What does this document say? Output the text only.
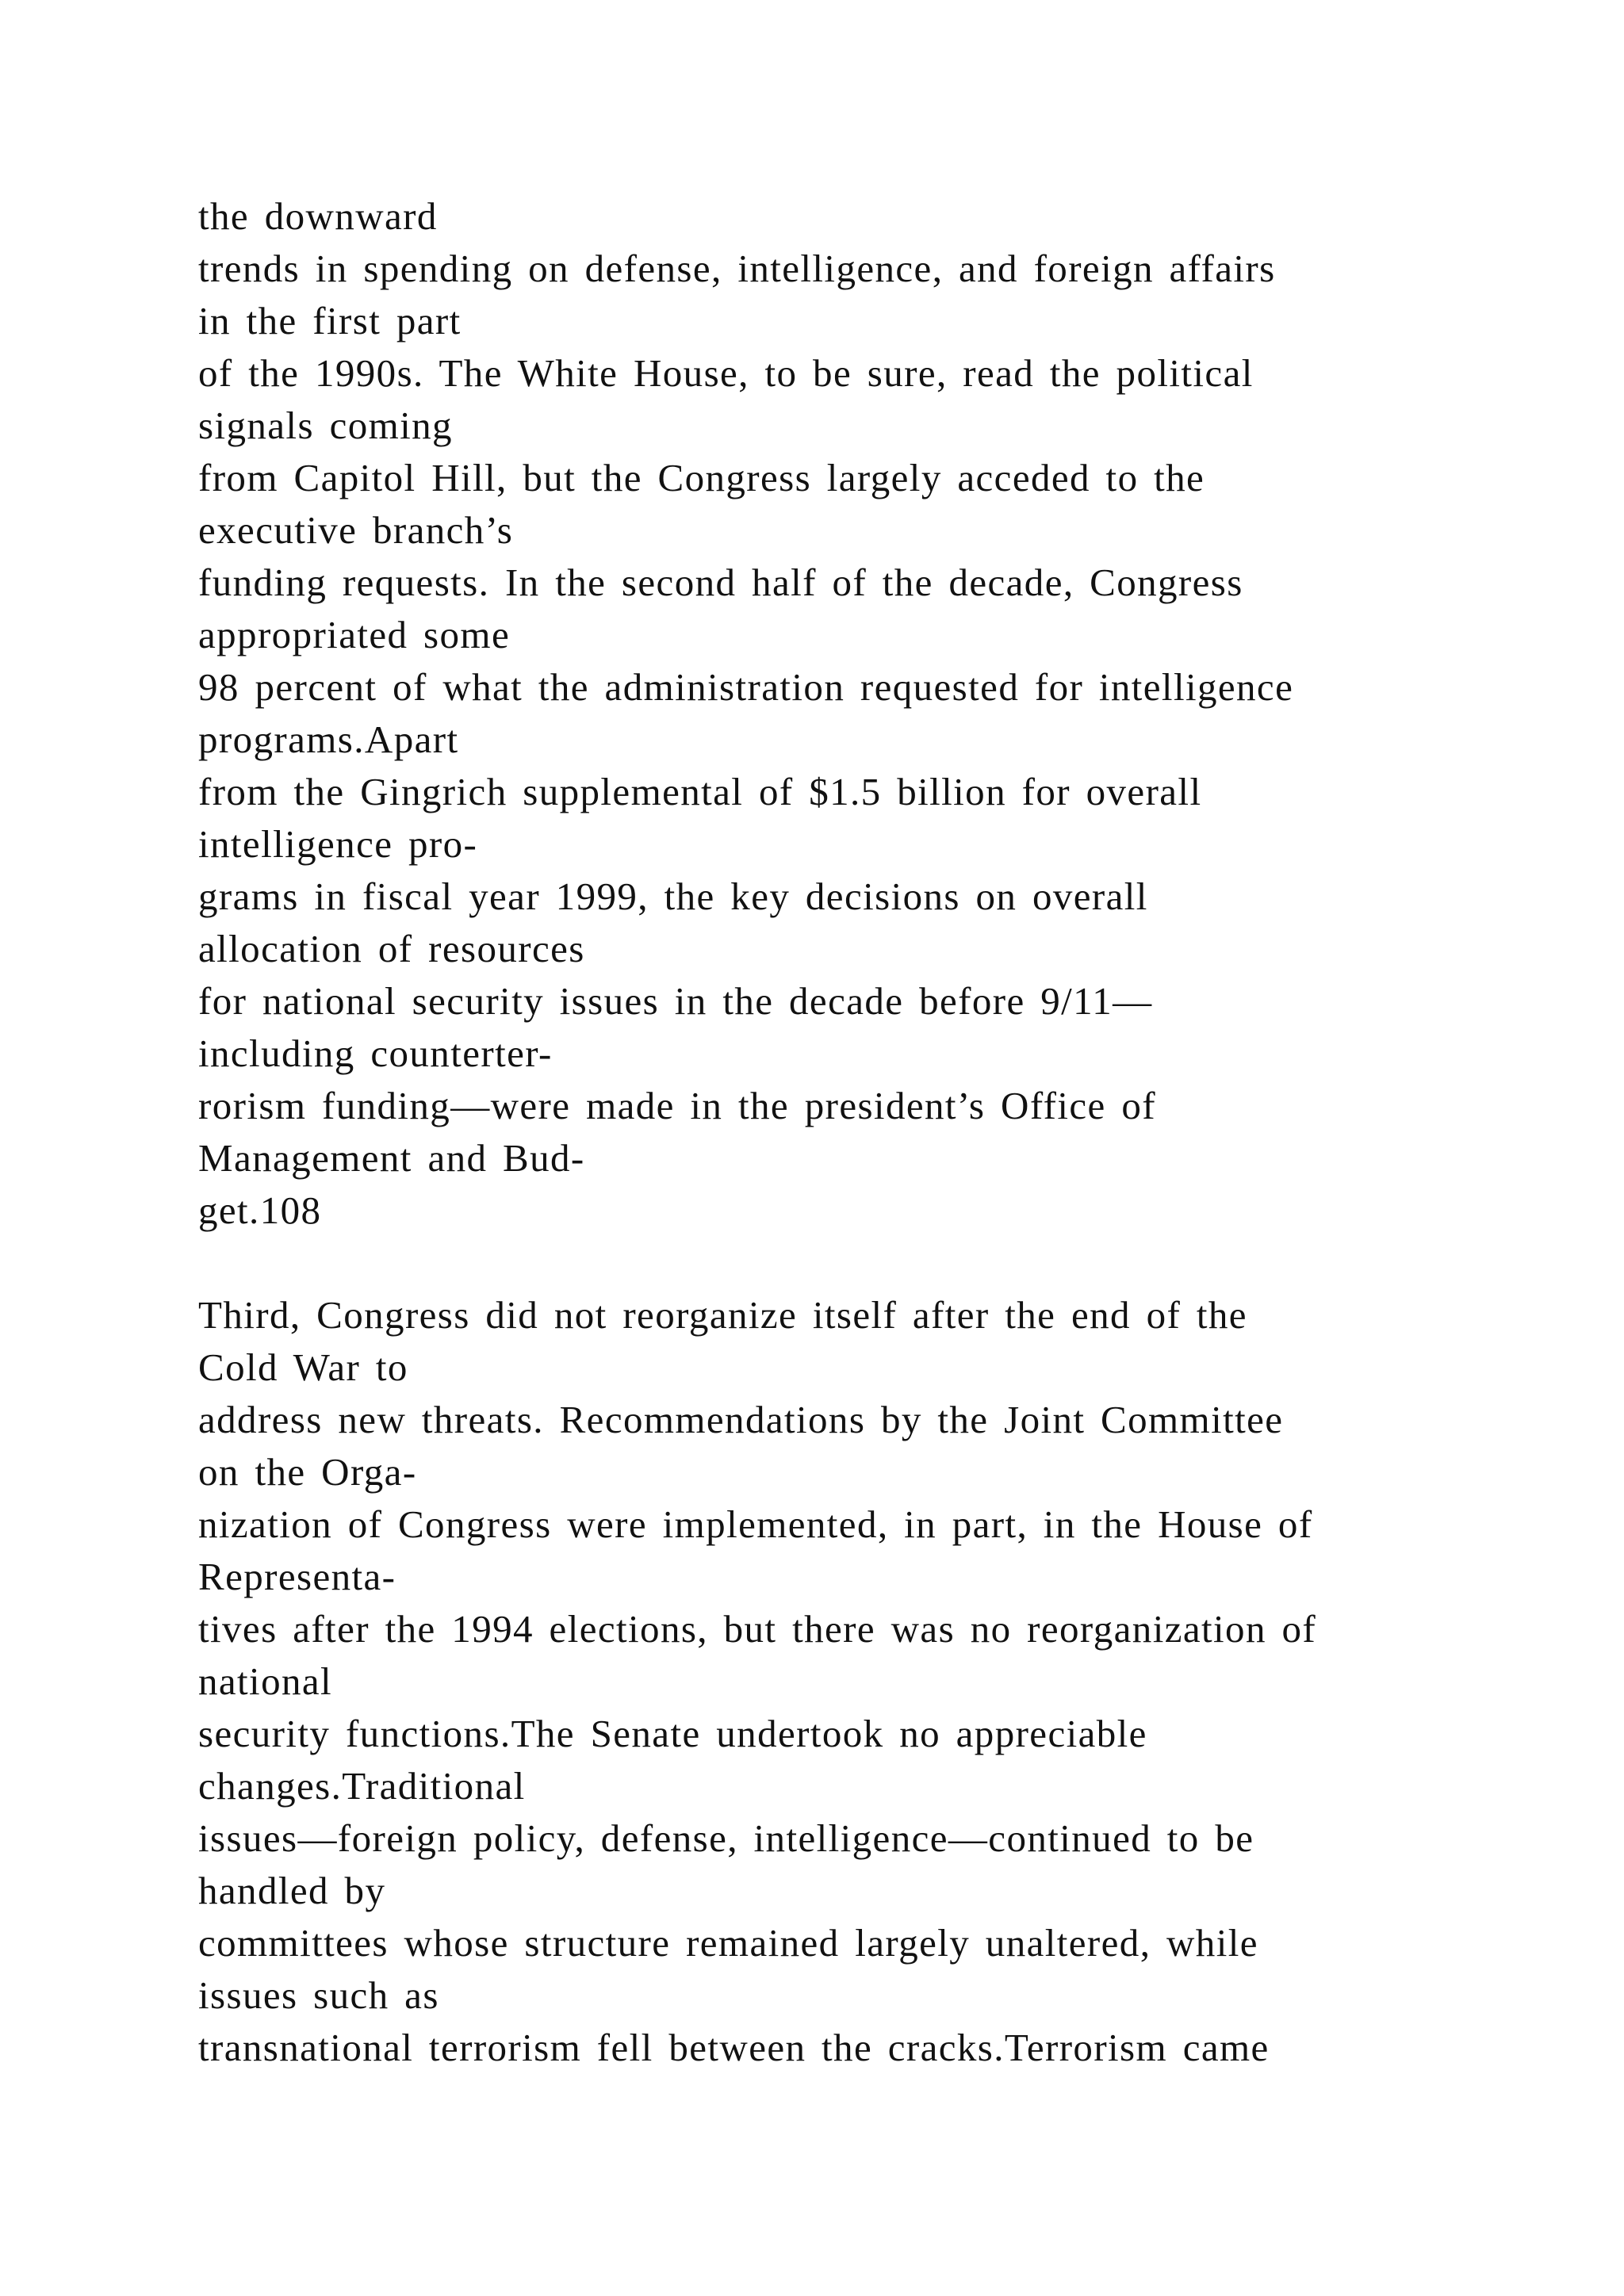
the downward
trends in spending on defense, intelligence, and foreign affairs
in the first part
of the 1990s. The White House, to be sure, read the political
signals coming
from Capitol Hill, but the Congress largely acceded to the
executive branch’s
funding requests. In the second half of the decade, Congress
appropriated some
98 percent of what the administration requested for intelligence
programs.Apart
from the Gingrich supplemental of $1.5 billion for overall
intelligence pro-
grams in fiscal year 1999, the key decisions on overall
allocation of resources
for national security issues in the decade before 9/11—
including counterter-
rorism funding—were made in the president’s Office of
Management and Bud-
get.108
Third, Congress did not reorganize itself after the end of the
Cold War to
address new threats. Recommendations by the Joint Committee
on the Orga-
nization of Congress were implemented, in part, in the House of
Representa-
tives after the 1994 elections, but there was no reorganization of
national
security functions.The Senate undertook no appreciable
changes.Traditional
issues—foreign policy, defense, intelligence—continued to be
handled by
committees whose structure remained largely unaltered, while
issues such as
transnational terrorism fell between the cracks.Terrorism came
